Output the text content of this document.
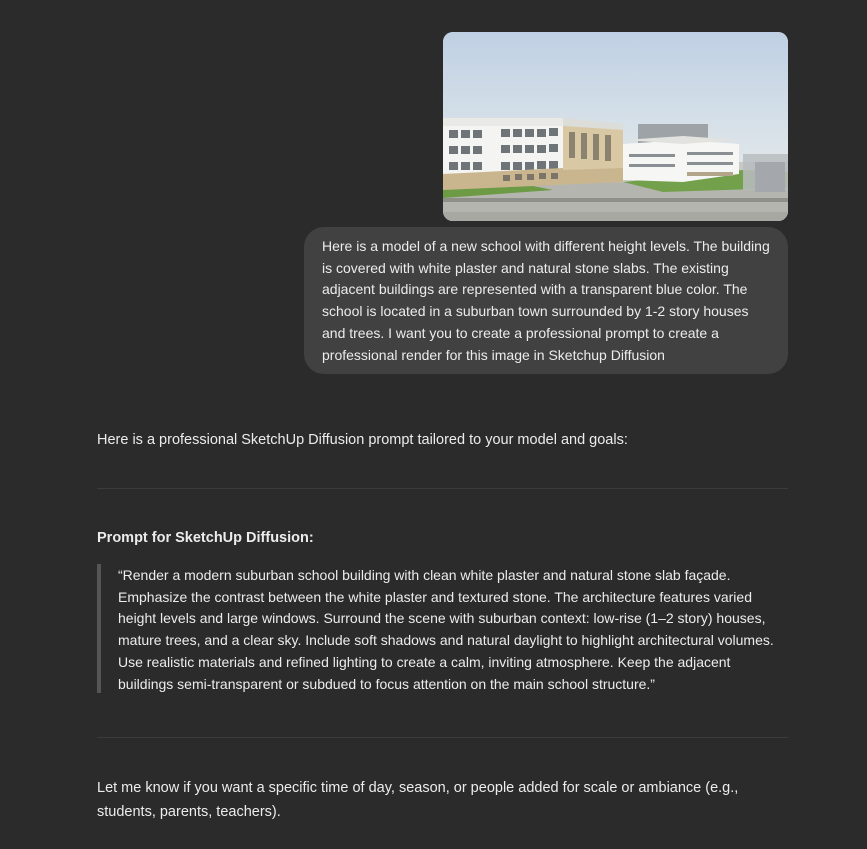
Here is a model of a new school with different height levels. The building is covered with white plaster and natural stone slabs. The existing adjacent buildings are represented with a transparent blue color. The school is located in a suburban town surrounded by 1-2 story houses and trees. I want you to create a professional prompt to create a professional render for this image in Sketchup Diffusion

Here is a professional SketchUp Diffusion prompt tailored to your model and goals:

Prompt for SketchUp Diffusion:

“Render a modern suburban school building with clean white plaster and natural stone slab façade. Emphasize the contrast between the white plaster and textured stone. The architecture features varied height levels and large windows. Surround the scene with suburban context: low-rise (1–2 story) houses, mature trees, and a clear sky. Include soft shadows and natural daylight to highlight architectural volumes. Use realistic materials and refined lighting to create a calm, inviting atmosphere. Keep the adjacent buildings semi-transparent or subdued to focus attention on the main school structure.”

Let me know if you want a specific time of day, season, or people added for scale or ambiance (e.g., students, parents, teachers).
